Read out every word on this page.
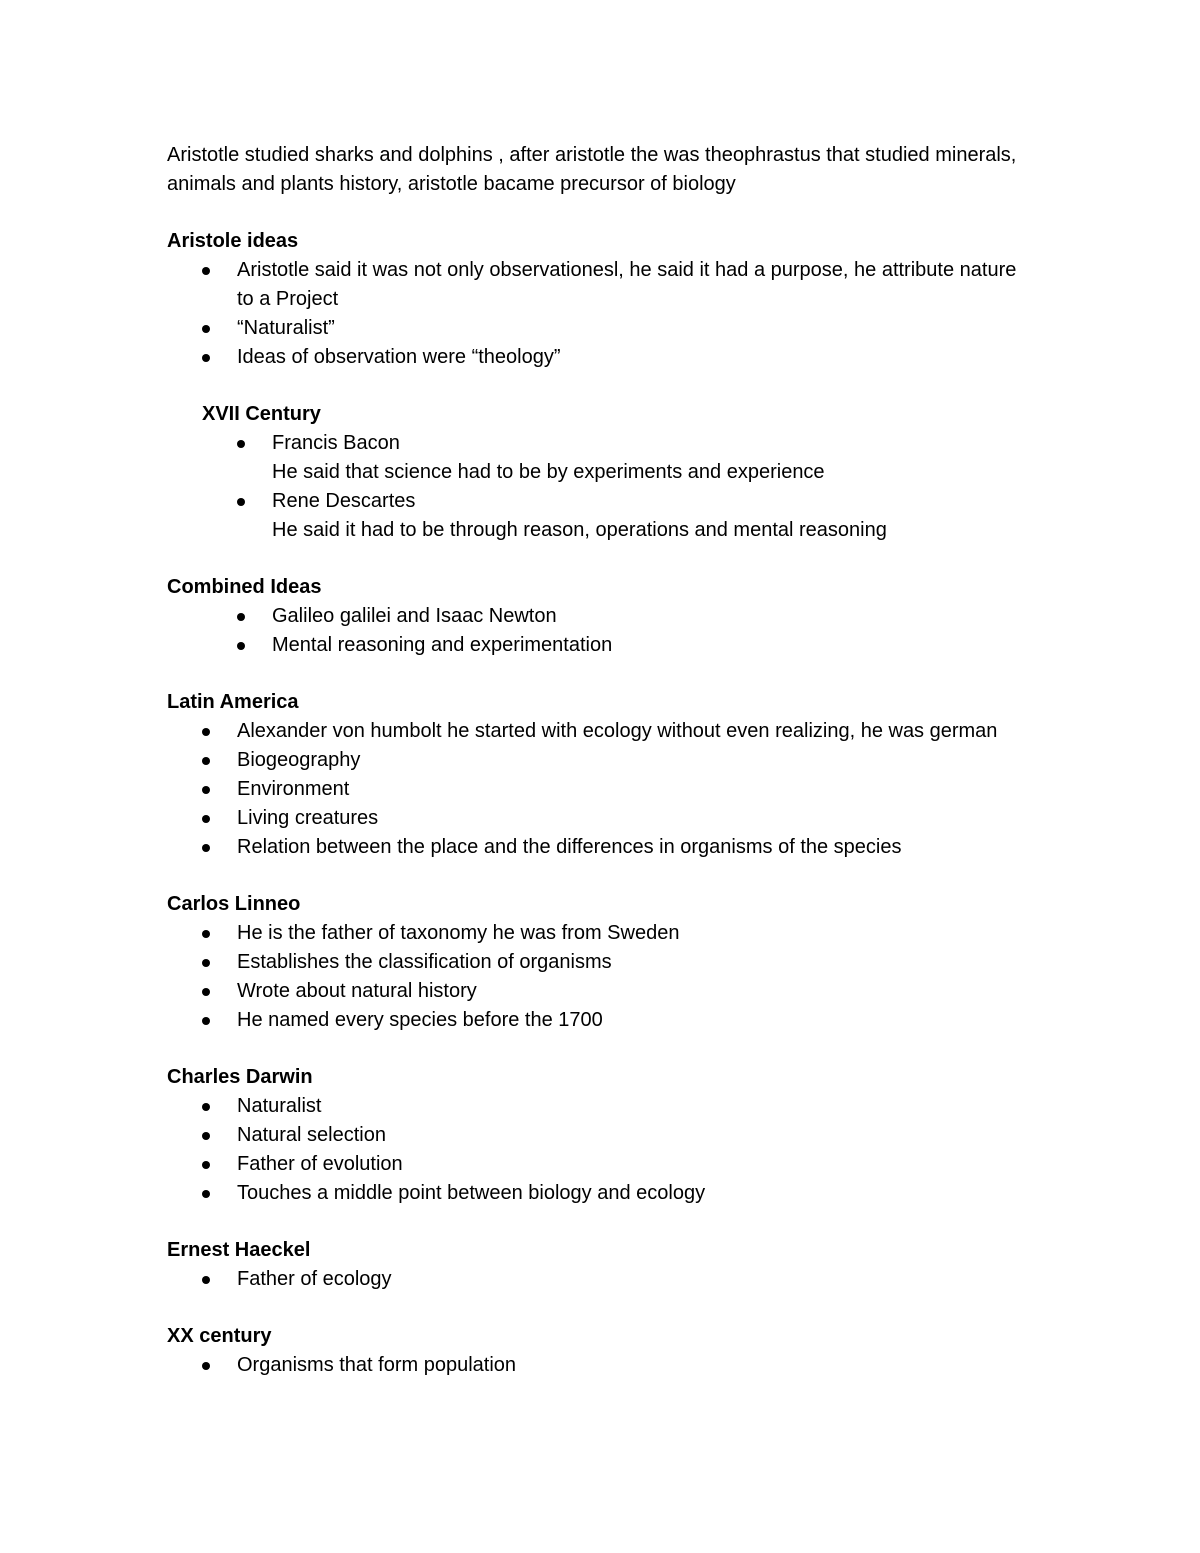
Aristotle studied sharks and dolphins , after aristotle the was theophrastus that studied minerals, animals and plants history, aristotle bacame precursor of biology

Aristole ideas
Aristotle said it was not only observationesl, he said it had a purpose, he attribute nature to a Project
“Naturalist”
Ideas of observation were “theology”
XVII Century
Francis Bacon
He said that science had to be by experiments and experience
Rene Descartes
He said it had to be through reason, operations and mental reasoning
Combined Ideas
Galileo galilei and Isaac Newton
Mental reasoning and experimentation
Latin America
Alexander von humbolt he started with ecology without even realizing, he was german
Biogeography
Environment
Living creatures
Relation between the place and the differences in organisms of the species
Carlos Linneo
He is the father of taxonomy he was from Sweden
Establishes the classification of organisms
Wrote about natural history
He named every species before the 1700
Charles Darwin
Naturalist
Natural selection
Father of evolution
Touches a middle point between biology and ecology
Ernest Haeckel
Father of ecology
XX century
Organisms that form population
